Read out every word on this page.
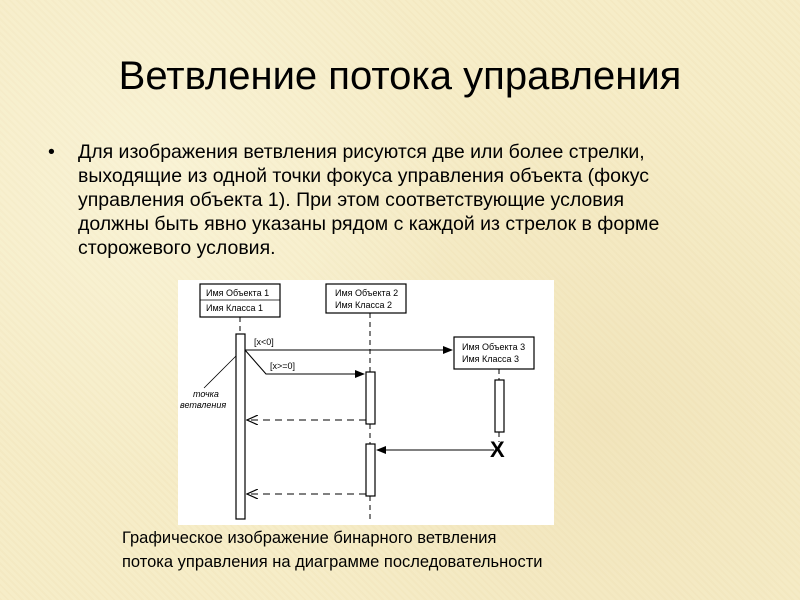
Ветвление потока управления
•	Для изображения ветвления рисуются две или более стрелки,
выходящие из одной точки фокуса управления объекта (фокус
управления объекта 1). При этом соответствующие условия
должны быть явно указаны рядом с каждой из стрелок в форме
сторожевого условия.
Имя Объекта 1
Имя Класса 1
Имя Объекта 2
Имя Класса 2
Имя Объекта 3
Имя Класса 3
X
[x<0]
[x>=0]
точка
ветвления
Графическое изображение бинарного ветвления
потока управления на диаграмме последовательности
